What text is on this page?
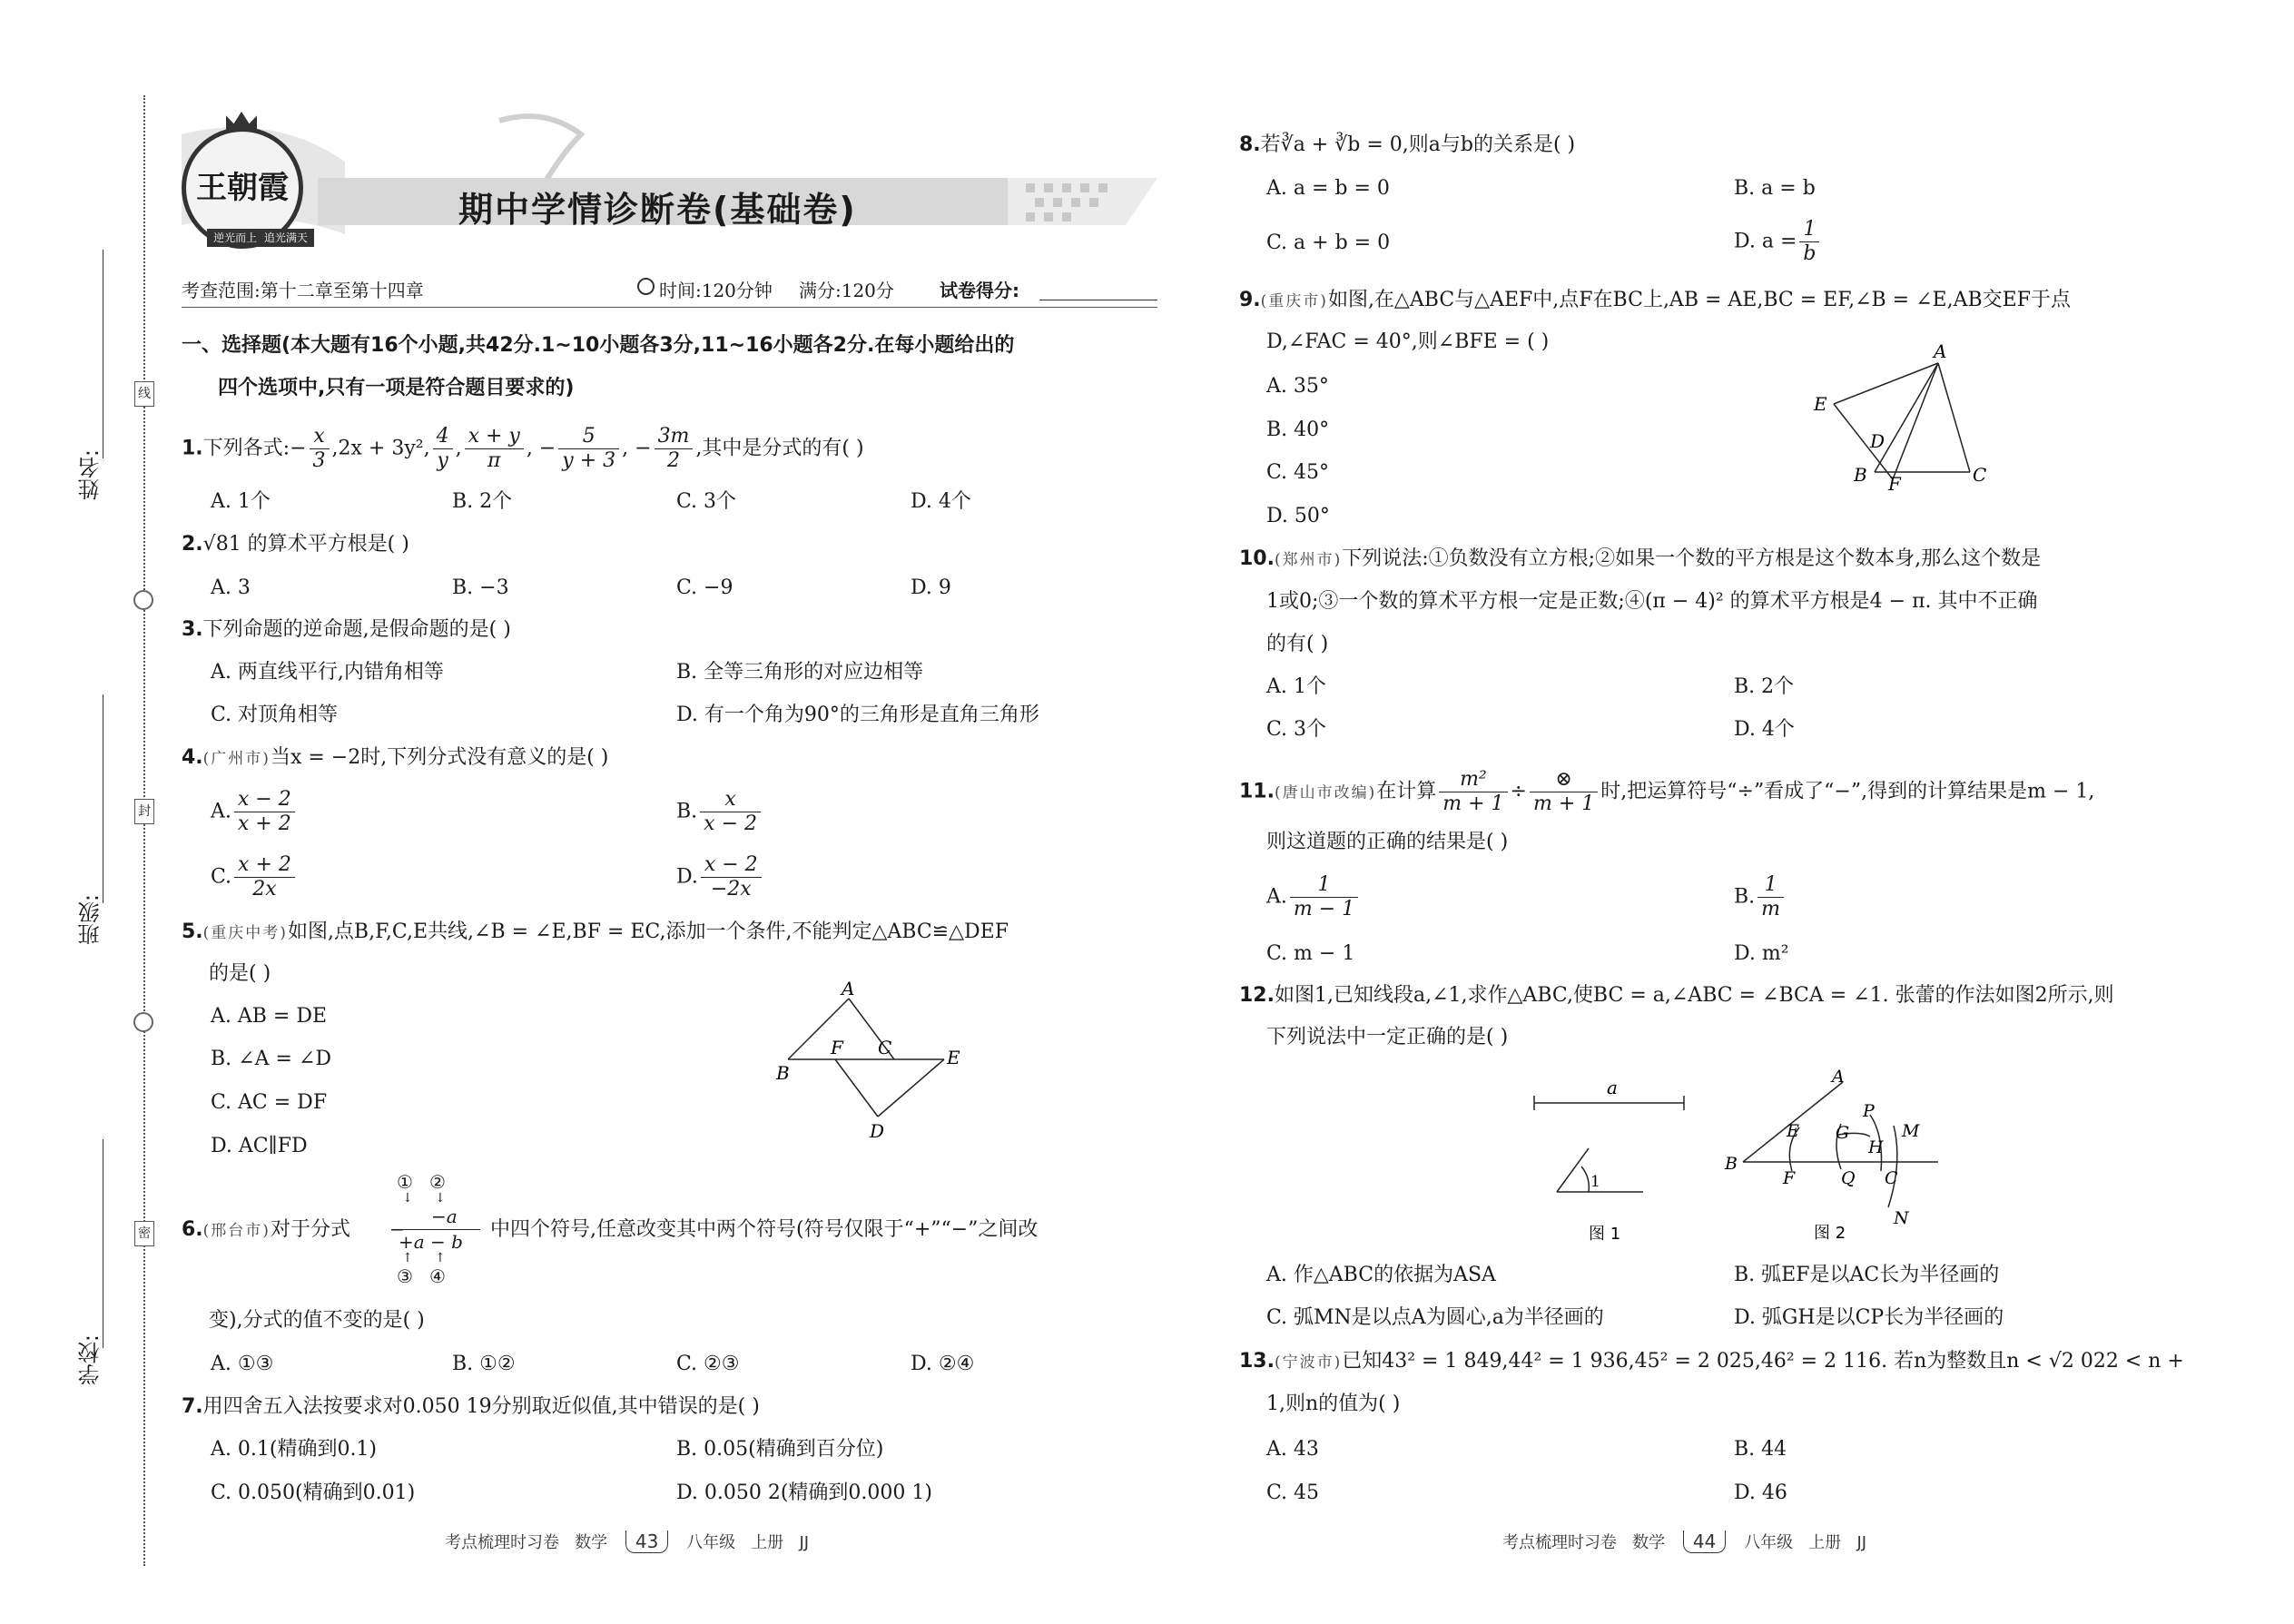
姓名:
班级:
学校:
线
封
密
王朝霞
逆光而上 追光满天
期中学情诊断卷(基础卷)
考查范围:第十二章至第十四章	时间:120分钟 满分:120分	试卷得分:
一、选择题(本大题有16个小题,共42分.1~10小题各3分,11~16小题各2分.在每小题给出的
四个选项中,只有一项是符合题目要求的)
1.下列各式:− $\frac{x}{3} ,2x + 3y^2$, $\frac{4}{y}$ , $\frac{x + y}{\pi}$ , − $\frac{5}{y + 3}$ , − $\frac{3m}{2}$ ,其中是分式的有( )
A. 1个	B. 2个	C. 3个	D. 4个
2.√81 的算术平方根是( )
A. 3	B. −3	C. −9	D. 9
3.下列命题的逆命题,是假命题的是( )
A. 两直线平行,内错角相等	B. 全等三角形的对应边相等
C. 对顶角相等	D. 有一个角为90°的三角形是直角三角形
4.(广州市)当x = −2时,下列分式没有意义的是( )
A. $\frac{x - 2}{x + 2}$	B. $\frac{x}{x - 2}$
C. $\frac{x + 2}{2x}$	D. $\frac{x - 2}{-2x}$
5.(重庆中考)如图,点B,F,C,E共线,∠B = ∠E,BF = EC,添加一个条件,不能判定△ABC≌△DEF
的是( )
A. AB = DE
B. ∠A = ∠D
C. AC = DF
D. AC∥FD
A
B
F C	E
D
6.(邢台市)对于分式
① ②
↓ ↓
−
−a
+a − b
↑ ↑
③ ④
中四个符号,任意改变其中两个符号(符号仅限于“+”“−”之间改
变),分式的值不变的是( )
A. ①③	B. ①②	C. ②③	D. ②④
7.用四舍五入法按要求对0.050 19分别取近似值,其中错误的是( )
A. 0.1(精确到0.1)	B. 0.05(精确到百分位)
C. 0.050(精确到0.01)	D. 0.050 2(精确到0.000 1)
考点梳理时习卷 数学 43 八年级 上册 JJ
8.若∛a + ∛b = 0,则a与b的关系是( )
A. a = b = 0	B. a = b
C. a + b = 0	D. $a = \frac{1}{b}$
9.(重庆市)如图,在△ABC与△AEF中,点F在BC上,AB = AE,BC = EF,∠B = ∠E,AB交EF于点
D,∠FAC = 40°,则∠BFE = ( )
A. 35°
B. 40°
C. 45°
D. 50°
A
E
D
B F	C
10.(郑州市)下列说法:①负数没有立方根;②如果一个数的平方根是这个数本身,那么这个数是
1或0;③一个数的算术平方根一定是正数;④(π − 4)² 的算术平方根是4 − π. 其中不正确
的有( )
A. 1个	B. 2个
C. 3个	D. 4个
11.(唐山市改编)在计算 $\frac{\text{m²}}{m + 1} \div \frac{\otimes}{m + 1}$ 时,把运算符号“÷”看成了“−”,得到的计算结果是m − 1,
则这道题的正确的结果是( )
A. $\frac{1}{m - 1}$	B. $\frac{1}{m}$
C. m − 1	D. m²
12.如图1,已知线段a,∠1,求作△ABC,使BC = a,∠ABC = ∠BCA = ∠1. 张蕾的作法如图2所示,则
下列说法中一定正确的是( )
a
1
图 1
A
P
M
E G
H
B
F	Q C
N
图 2
A. 作△ABC的依据为ASA	B. 弧EF是以AC长为半径画的
C. 弧MN是以点A为圆心,a为半径画的	D. 弧GH是以CP长为半径画的
13.(宁波市)已知43² = 1 849,44² = 1 936,45² = 2 025,46² = 2 116. 若n为整数且n < √2 022 < n +
1,则n的值为( )
A. 43	B. 44
C. 45	D. 46
考点梳理时习卷 数学 44 八年级 上册 JJ
